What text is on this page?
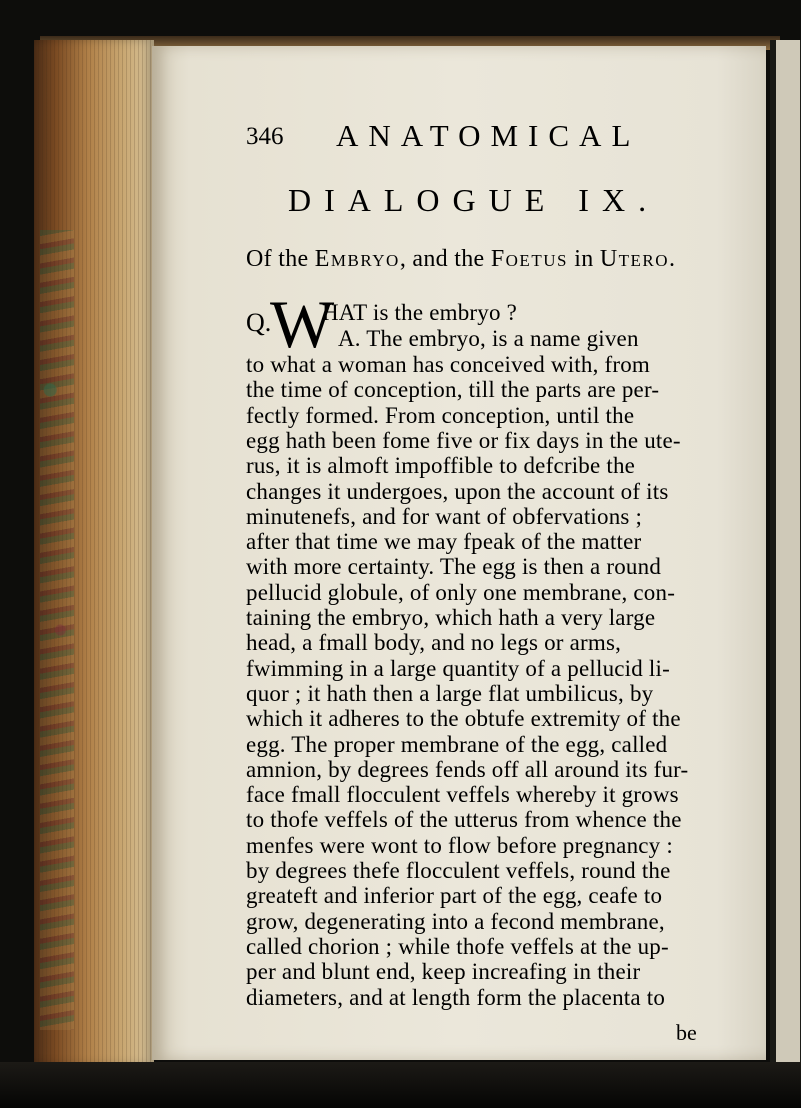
346 ANATOMICAL
DIALOGUE IX.
Of the Embryo, and the Foetus in Utero.
Q.
W
HAT is the embryo ?
A. The embryo, is a name given
to what a woman has conceived with, from
the time of conception, till the parts are per-
fectly formed. From conception, until the
egg hath been fome five or fix days in the ute-
rus, it is almoft impoffible to defcribe the
changes it undergoes, upon the account of its
minutenefs, and for want of obfervations ;
after that time we may fpeak of the matter
with more certainty. The egg is then a round
pellucid globule, of only one membrane, con-
taining the embryo, which hath a very large
head, a fmall body, and no legs or arms,
fwimming in a large quantity of a pellucid li-
quor ; it hath then a large flat umbilicus, by
which it adheres to the obtufe extremity of the
egg. The proper membrane of the egg, called
amnion, by degrees fends off all around its fur-
face fmall flocculent veffels whereby it grows
to thofe veffels of the utterus from whence the
menfes were wont to flow before pregnancy :
by degrees thefe flocculent veffels, round the
greateft and inferior part of the egg, ceafe to
grow, degenerating into a fecond membrane,
called chorion ; while thofe veffels at the up-
per and blunt end, keep increafing in their
diameters, and at length form the placenta to
be
